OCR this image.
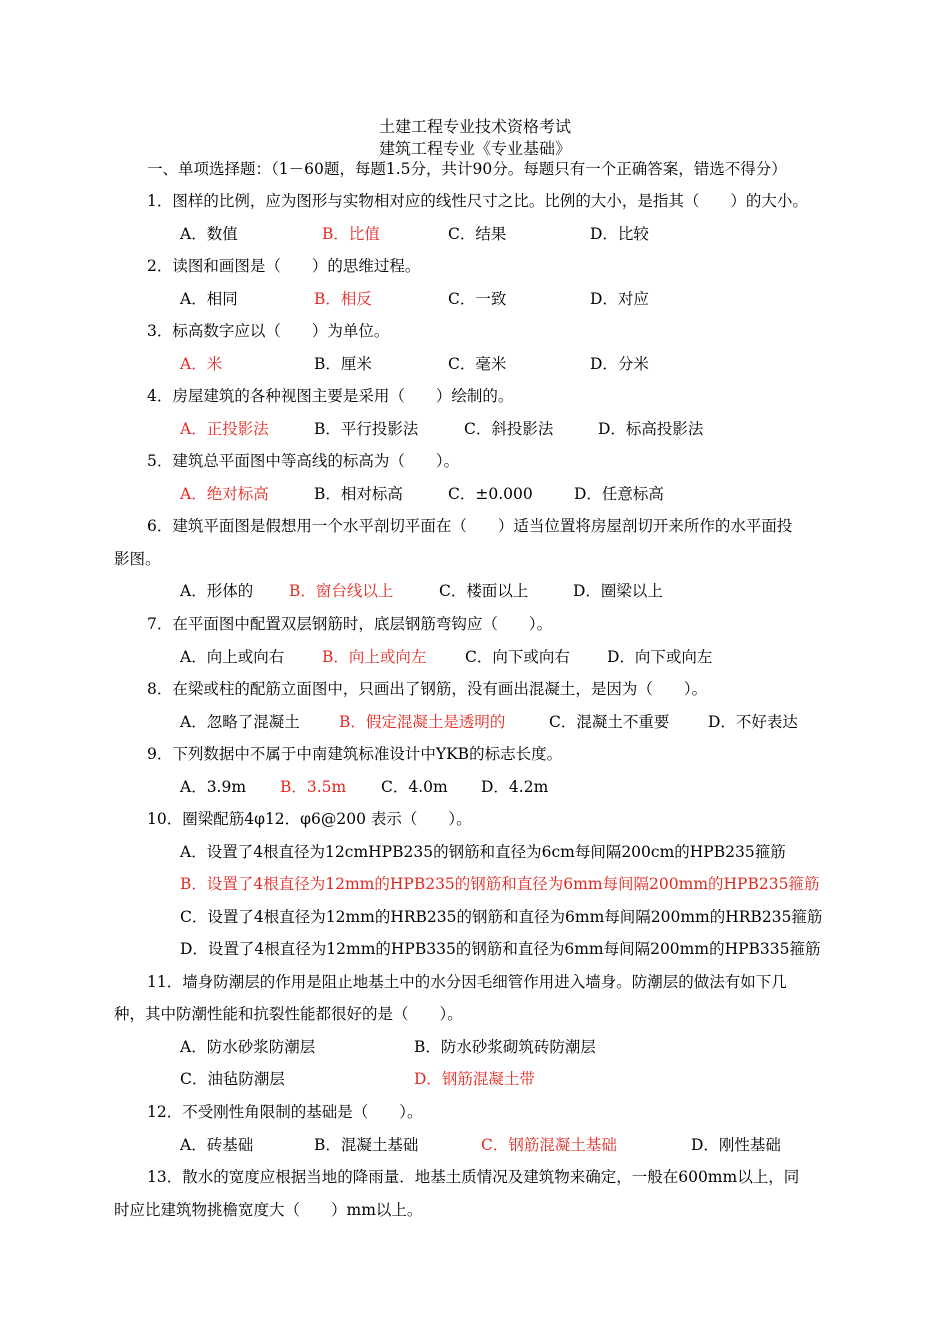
土建工程专业技术资格考试
建筑工程专业《专业基础》
一、单项选择题：（1－60题，每题1.5分，共计90分。每题只有一个正确答案，错选不得分）
1．图样的比例，应为图形与实物相对应的线性尺寸之比。比例的大小，是指其（　　）的大小。
A．数值	B．比值	C．结果	D．比较
2．读图和画图是（　　）的思维过程。
A．相同	B．相反	C．一致	D．对应
3．标高数字应以（　　）为单位。
A．米	B．厘米	C．毫米	D．分米
4．房屋建筑的各种视图主要是采用（　　）绘制的。
A．正投影法	B．平行投影法	C．斜投影法	D．标高投影法
5．建筑总平面图中等高线的标高为（　　）。
A．绝对标高	B．相对标高	C．±0.000	D．任意标高
6．建筑平面图是假想用一个水平剖切平面在（　　）适当位置将房屋剖切开来所作的水平面投
影图。
A．形体的 B．窗台线以上	C．楼面以上	D．圈梁以上
7．在平面图中配置双层钢筋时，底层钢筋弯钩应（　　）。
A．向上或向右 B．向上或向左 C．向下或向右 D．向下或向左
8．在梁或柱的配筋立面图中，只画出了钢筋，没有画出混凝土，是因为（　　）。
A．忽略了混凝土	B．假定混凝土是透明的	C．混凝土不重要 D．不好表达
9．下列数据中不属于中南建筑标准设计中YKB的标志长度。
A．3.9m B．3.5m C．4.0m D．4.2m
10．圈梁配筋4φ12．φ6@200 表示（　　）。
A．设置了4根直径为12cmHPB235的钢筋和直径为6cm每间隔200cm的HPB235箍筋
B．设置了4根直径为12mm的HPB235的钢筋和直径为6mm每间隔200mm的HPB235箍筋
C．设置了4根直径为12mm的HRB235的钢筋和直径为6mm每间隔200mm的HRB235箍筋
D．设置了4根直径为12mm的HPB335的钢筋和直径为6mm每间隔200mm的HPB335箍筋
11．墙身防潮层的作用是阻止地基土中的水分因毛细管作用进入墙身。防潮层的做法有如下几
种，其中防潮性能和抗裂性能都很好的是（　　）。
A．防水砂浆防潮层	B．防水砂浆砌筑砖防潮层
C．油毡防潮层	D．钢筋混凝土带
12．不受刚性角限制的基础是（　　）。
A．砖基础	B．混凝土基础	C．钢筋混凝土基础	D．刚性基础
13．散水的宽度应根据当地的降雨量．地基土质情况及建筑物来确定，一般在600mm以上，同
时应比建筑物挑檐宽度大（　　）mm以上。
